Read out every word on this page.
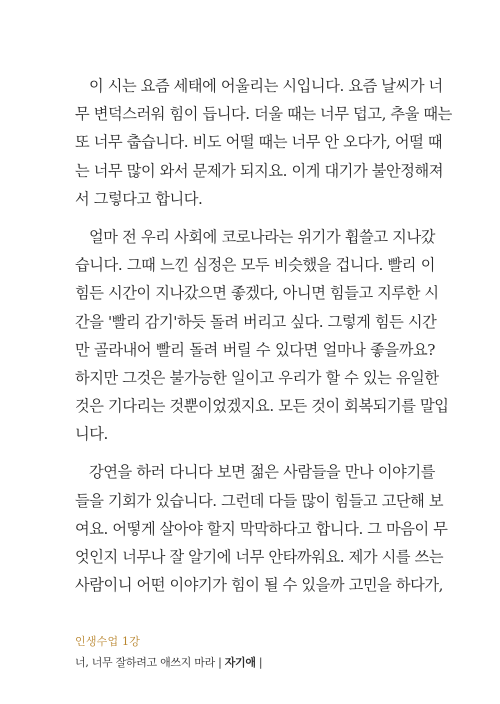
이 시는 요즘 세태에 어울리는 시입니다. 요즘 날씨가 너
무 변덕스러워 힘이 듭니다. 더울 때는 너무 덥고, 추울 때는
또 너무 춥습니다. 비도 어떨 때는 너무 안 오다가, 어떨 때
는 너무 많이 와서 문제가 되지요. 이게 대기가 불안정해져
서 그렇다고 합니다.
얼마 전 우리 사회에 코로나라는 위기가 휩쓸고 지나갔
습니다. 그때 느낀 심정은 모두 비슷했을 겁니다. 빨리 이
힘든 시간이 지나갔으면 좋겠다, 아니면 힘들고 지루한 시
간을 '빨리 감기'하듯 돌려 버리고 싶다. 그렇게 힘든 시간
만 골라내어 빨리 돌려 버릴 수 있다면 얼마나 좋을까요?
하지만 그것은 불가능한 일이고 우리가 할 수 있는 유일한
것은 기다리는 것뿐이었겠지요. 모든 것이 회복되기를 말입
니다.
강연을 하러 다니다 보면 젊은 사람들을 만나 이야기를
들을 기회가 있습니다. 그런데 다들 많이 힘들고 고단해 보
여요. 어떻게 살아야 할지 막막하다고 합니다. 그 마음이 무
엇인지 너무나 잘 알기에 너무 안타까워요. 제가 시를 쓰는
사람이니 어떤 이야기가 힘이 될 수 있을까 고민을 하다가,
인생수업 1강
너, 너무 잘하려고 애쓰지 마라 | 자기애 |
